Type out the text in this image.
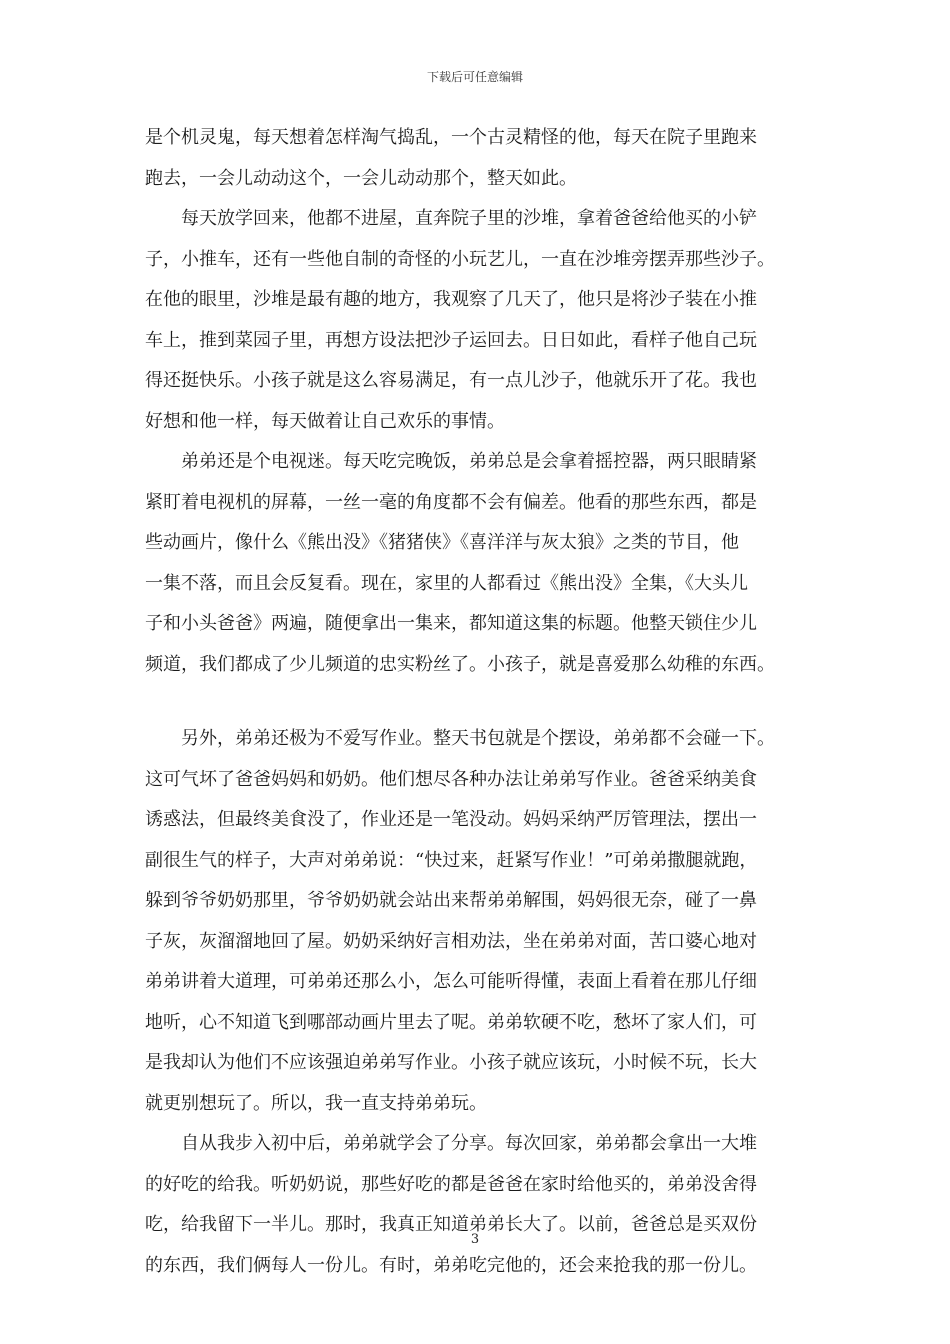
下载后可任意编辑

是个机灵鬼，每天想着怎样淘气捣乱，一个古灵精怪的他，每天在院子里跑来
跑去，一会儿动动这个，一会儿动动那个，整天如此。

　　每天放学回来，他都不进屋，直奔院子里的沙堆，拿着爸爸给他买的小铲
子，小推车，还有一些他自制的奇怪的小玩艺儿，一直在沙堆旁摆弄那些沙子。
在他的眼里，沙堆是最有趣的地方，我观察了几天了，他只是将沙子装在小推
车上，推到菜园子里，再想方设法把沙子运回去。日日如此，看样子他自己玩
得还挺快乐。小孩子就是这么容易满足，有一点儿沙子，他就乐开了花。我也
好想和他一样，每天做着让自己欢乐的事情。

　　弟弟还是个电视迷。每天吃完晚饭，弟弟总是会拿着摇控器，两只眼睛紧
紧盯着电视机的屏幕，一丝一毫的角度都不会有偏差。他看的那些东西，都是
些动画片，像什么《熊出没》《猪猪侠》《喜洋洋与灰太狼》之类的节目，他
一集不落，而且会反复看。现在，家里的人都看过《熊出没》全集，《大头儿
子和小头爸爸》两遍，随便拿出一集来，都知道这集的标题。他整天锁住少儿
频道，我们都成了少儿频道的忠实粉丝了。小孩子，就是喜爱那么幼稚的东西。

　　另外，弟弟还极为不爱写作业。整天书包就是个摆设，弟弟都不会碰一下。
这可气坏了爸爸妈妈和奶奶。他们想尽各种办法让弟弟写作业。爸爸采纳美食
诱惑法，但最终美食没了，作业还是一笔没动。妈妈采纳严厉管理法，摆出一
副很生气的样子，大声对弟弟说：“快过来，赶紧写作业！”可弟弟撒腿就跑，
躲到爷爷奶奶那里，爷爷奶奶就会站出来帮弟弟解围，妈妈很无奈，碰了一鼻
子灰，灰溜溜地回了屋。奶奶采纳好言相劝法，坐在弟弟对面，苦口婆心地对
弟弟讲着大道理，可弟弟还那么小，怎么可能听得懂，表面上看着在那儿仔细
地听，心不知道飞到哪部动画片里去了呢。弟弟软硬不吃，愁坏了家人们，可
是我却认为他们不应该强迫弟弟写作业。小孩子就应该玩，小时候不玩，长大
就更别想玩了。所以，我一直支持弟弟玩。

　　自从我步入初中后，弟弟就学会了分享。每次回家，弟弟都会拿出一大堆
的好吃的给我。听奶奶说，那些好吃的都是爸爸在家时给他买的，弟弟没舍得
吃，给我留下一半儿。那时，我真正知道弟弟长大了。以前，爸爸总是买双份
的东西，我们俩每人一份儿。有时，弟弟吃完他的，还会来抢我的那一份儿。

3
